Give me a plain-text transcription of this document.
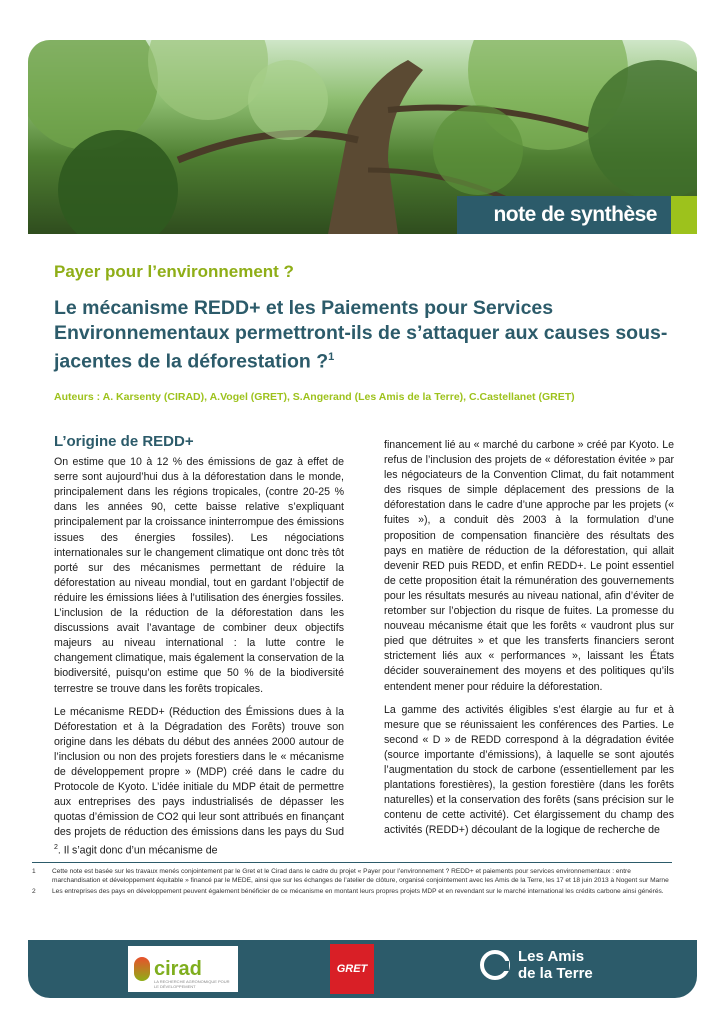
note de synthèse
Payer pour l’environnement ?
Le mécanisme REDD+ et les Paiements pour Services Environnementaux permettront-ils de s’attaquer aux causes sous-jacentes de la déforestation ?$^1$
Auteurs : A. Karsenty (CIRAD), A.Vogel (GRET), S.Angerand (Les Amis de la Terre), C.Castellanet (GRET)
L’origine de REDD+

On estime que 10 à 12 % des émissions de gaz à effet de serre sont aujourd’hui dus à la déforestation dans le monde, principalement dans les régions tropicales, (contre 20-25 % dans les années 90, cette baisse relative s’expliquant principalement par la croissance ininterrompue des émissions issues des énergies fossiles). Les négociations internationales sur le changement climatique ont donc très tôt porté sur des mécanismes permettant de réduire la déforestation au niveau mondial, tout en gardant l’objectif de réduire les émissions liées à l’utilisation des énergies fossiles. L’inclusion de la réduction de la déforestation dans les discussions avait l’avantage de combiner deux objectifs majeurs au niveau international : la lutte contre le changement climatique, mais également la conservation de la biodiversité, puisqu’on estime que 50 % de la biodiversité terrestre se trouve dans les forêts tropicales.

Le mécanisme REDD+ (Réduction des Émissions dues à la Déforestation et à la Dégradation des Forêts) trouve son origine dans les débats du début des années 2000 autour de l’inclusion ou non des projets forestiers dans le « mécanisme de développement propre » (MDP) créé dans le cadre du Protocole de Kyoto. L’idée initiale du MDP était de permettre aux entreprises des pays industrialisés de dépasser les quotas d’émission de CO2 qui leur sont attribués en finançant des projets de réduction des émissions dans les pays du Sud $^2$. Il s’agit donc d’un mécanisme de

financement lié au « marché du carbone » créé par Kyoto. Le refus de l’inclusion des projets de « déforestation évitée » par les négociateurs de la Convention Climat, du fait notamment des risques de simple déplacement des pressions de la déforestation dans le cadre d’une approche par les projets (« fuites »), a conduit dès 2003 à la formulation d’une proposition de compensation financière des résultats des pays en matière de réduction de la déforestation, qui allait devenir RED puis REDD, et enfin REDD+. Le point essentiel de cette proposition était la rémunération des gouvernements pour les résultats mesurés au niveau national, afin d’éviter de retomber sur l’objection du risque de fuites. La promesse du nouveau mécanisme était que les forêts « vaudront plus sur pied que détruites » et que les transferts financiers seront strictement liés aux « performances », laissant les États décider souverainement des moyens et des politiques qu’ils entendent mener pour réduire la déforestation.

La gamme des activités éligibles s’est élargie au fur et à mesure que se réunissaient les conférences des Parties. Le second « D » de REDD correspond à la dégradation évitée (source importante d’émissions), à laquelle se sont ajoutés l’augmentation du stock de carbone (essentiellement par les plantations forestières), la gestion forestière (dans les forêts naturelles) et la conservation des forêts (sans précision sur le contenu de cette activité). Cet élargissement du champ des activités (REDD+) découlant de la logique de recherche de

1	Cette note est basée sur les travaux menés conjointement par le Gret et le Cirad dans le cadre du projet « Payer pour l’environnement ? REDD+ et paiements pour services environnementaux : entre marchandisation et développement équitable » financé par le MEDE, ainsi que sur les échanges de l’atelier de clôture, organisé conjointement avec les Amis de la Terre, les 17 et 18 juin 2013 à Nogent sur Marne
2	Les entreprises des pays en développement peuvent également bénéficier de ce mécanisme en montant leurs propres projets MDP et en revendant sur le marché international les crédits carbone ainsi générés.
cirad
LA RECHERCHE AGRONOMIQUE POUR LE DÉVELOPPEMENT
GRET
Les Amis
de la Terre
